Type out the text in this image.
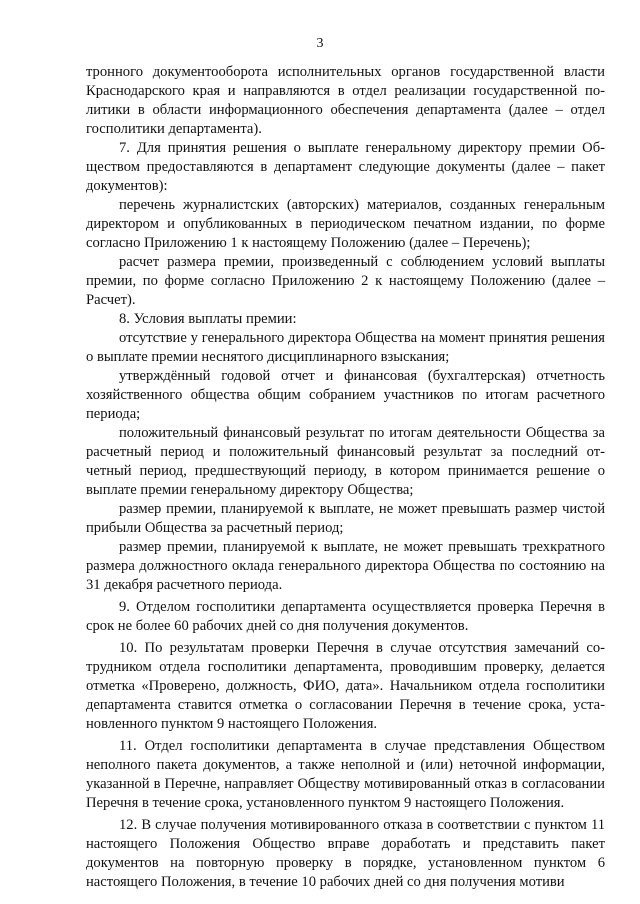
3

тронного документооборота исполнительных органов государственной власти Краснодарского края и направляются в отдел реализации государственной политики в области информационного обеспечения департамента (далее – отдел госполитики департамента).

7. Для принятия решения о выплате генеральному директору премии Обществом предоставляются в департамент следующие документы (далее – пакет документов):

перечень журналистских (авторских) материалов, созданных генеральным директором и опубликованных в периодическом печатном издании, по форме согласно Приложению 1 к настоящему Положению (далее – Перечень);

расчет размера премии, произведенный с соблюдением условий выплаты премии, по форме согласно Приложению 2 к настоящему Положению (далее – Расчет).

8. Условия выплаты премии:

отсутствие у генерального директора Общества на момент принятия решения о выплате премии неснятого дисциплинарного взыскания;

утверждённый годовой отчет и финансовая (бухгалтерская) отчетность хозяйственного общества общим собранием участников по итогам расчетного периода;

положительный финансовый результат по итогам деятельности Общества за расчетный период и положительный финансовый результат за последний отчетный период, предшествующий периоду, в котором принимается решение о выплате премии генеральному директору Общества;

размер премии, планируемой к выплате, не может превышать размер чистой прибыли Общества за расчетный период;

размер премии, планируемой к выплате, не может превышать трехкратного размера должностного оклада генерального директора Общества по состоянию на 31 декабря расчетного периода.

9. Отделом госполитики департамента осуществляется проверка Перечня в срок не более 60 рабочих дней со дня получения документов.

10. По результатам проверки Перечня в случае отсутствия замечаний сотрудником отдела госполитики департамента, проводившим проверку, делается отметка «Проверено, должность, ФИО, дата». Начальником отдела госполитики департамента ставится отметка о согласовании Перечня в течение срока, установленного пунктом 9 настоящего Положения.

11. Отдел госполитики департамента в случае представления Обществом неполного пакета документов, а также неполной и (или) неточной информации, указанной в Перечне, направляет Обществу мотивированный отказ в согласовании Перечня в течение срока, установленного пунктом 9 настоящего Положения.

12. В случае получения мотивированного отказа в соответствии с пунктом 11 настоящего Положения Общество вправе доработать и представить пакет документов на повторную проверку в порядке, установленном пунктом 6 настоящего Положения, в течение 10 рабочих дней со дня получения мотиви
